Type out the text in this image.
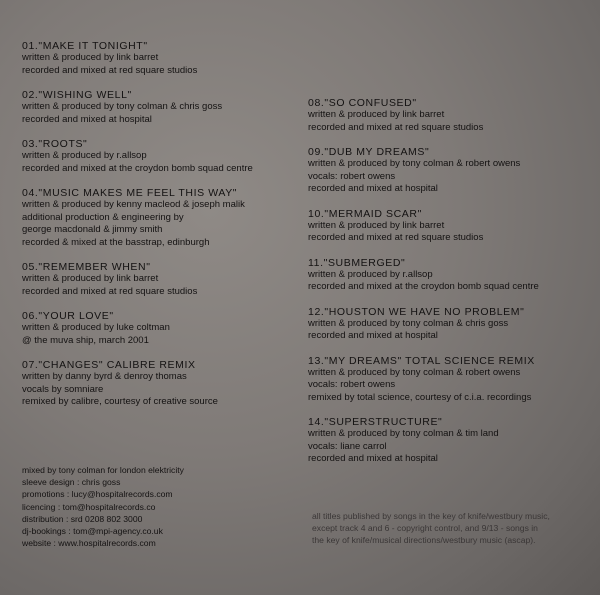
01."MAKE IT TONIGHT"
written & produced by link barret
recorded and mixed at red square studios
02."WISHING WELL"
written & produced by tony colman & chris goss
recorded and mixed at hospital
03."ROOTS"
written & produced by r.allsop
recorded and mixed at the croydon bomb squad centre
04."MUSIC MAKES ME FEEL THIS WAY"
written & produced by kenny macleod & joseph malik
additional production & engineering by
george macdonald & jimmy smith
recorded & mixed at the basstrap, edinburgh
05."REMEMBER WHEN"
written & produced by link barret
recorded and mixed at red square studios
06."YOUR LOVE"
written & produced by luke coltman
@ the muva ship, march 2001
07."CHANGES" CALIBRE REMIX
written by danny byrd & denroy thomas
vocals by somniare
remixed by calibre, courtesy of creative source
08."SO CONFUSED"
written & produced by link barret
recorded and mixed at red square studios
09."DUB MY DREAMS"
written & produced by tony colman & robert owens
vocals: robert owens
recorded and mixed at hospital
10."MERMAID SCAR"
written & produced by link barret
recorded and mixed at red square studios
11."SUBMERGED"
written & produced by r.allsop
recorded and mixed at the croydon bomb squad centre
12."HOUSTON WE HAVE NO PROBLEM"
written & produced by tony colman & chris goss
recorded and mixed at hospital
13."MY DREAMS" TOTAL SCIENCE REMIX
written & produced by tony colman & robert owens
vocals: robert owens
remixed by total science, courtesy of c.i.a. recordings
14."SUPERSTRUCTURE"
written & produced by tony colman & tim land
vocals: liane carrol
recorded and mixed at hospital
mixed by tony colman for london elektricity
sleeve design : chris goss
promotions : lucy@hospitalrecords.com
licencing : tom@hospitalrecords.co
distribution : srd 0208 802 3000
dj-bookings : tom@mpi-agency.co.uk
website : www.hospitalrecords.com
all titles published by songs in the key of knife/westbury music,
except track 4 and 6 - copyright control, and 9/13 - songs in
the key of knife/musical directions/westbury music (ascap).
